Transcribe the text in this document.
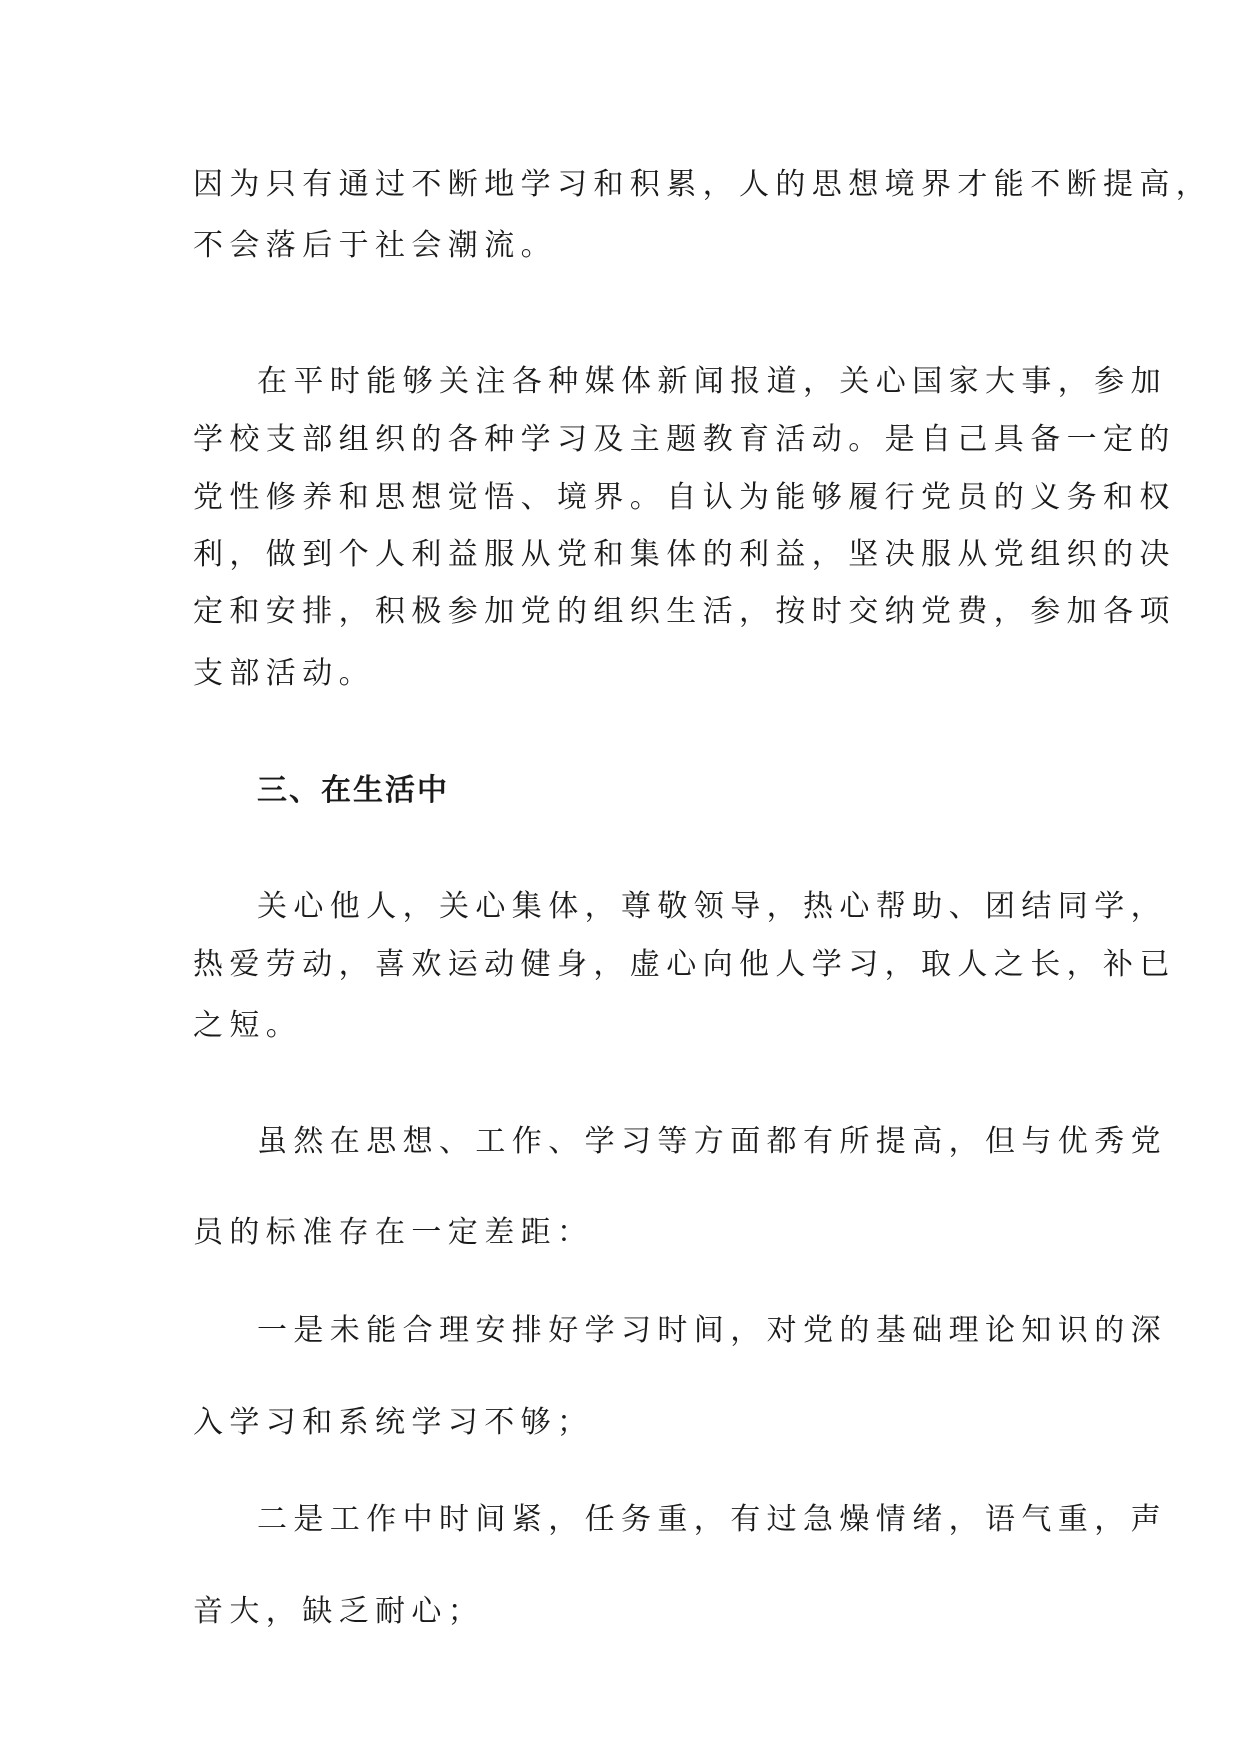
因为只有通过不断地学习和积累，人的思想境界才能不断提高，
不会落后于社会潮流。
在平时能够关注各种媒体新闻报道，关心国家大事，参加
学校支部组织的各种学习及主题教育活动。是自己具备一定的
党性修养和思想觉悟、境界。自认为能够履行党员的义务和权
利，做到个人利益服从党和集体的利益，坚决服从党组织的决
定和安排，积极参加党的组织生活，按时交纳党费，参加各项
支部活动。
三、在生活中
关心他人，关心集体，尊敬领导，热心帮助、团结同学，
热爱劳动，喜欢运动健身，虚心向他人学习，取人之长，补已
之短。
虽然在思想、工作、学习等方面都有所提高，但与优秀党
员的标准存在一定差距：
一是未能合理安排好学习时间，对党的基础理论知识的深
入学习和系统学习不够；
二是工作中时间紧，任务重，有过急燥情绪，语气重，声
音大，缺乏耐心；
